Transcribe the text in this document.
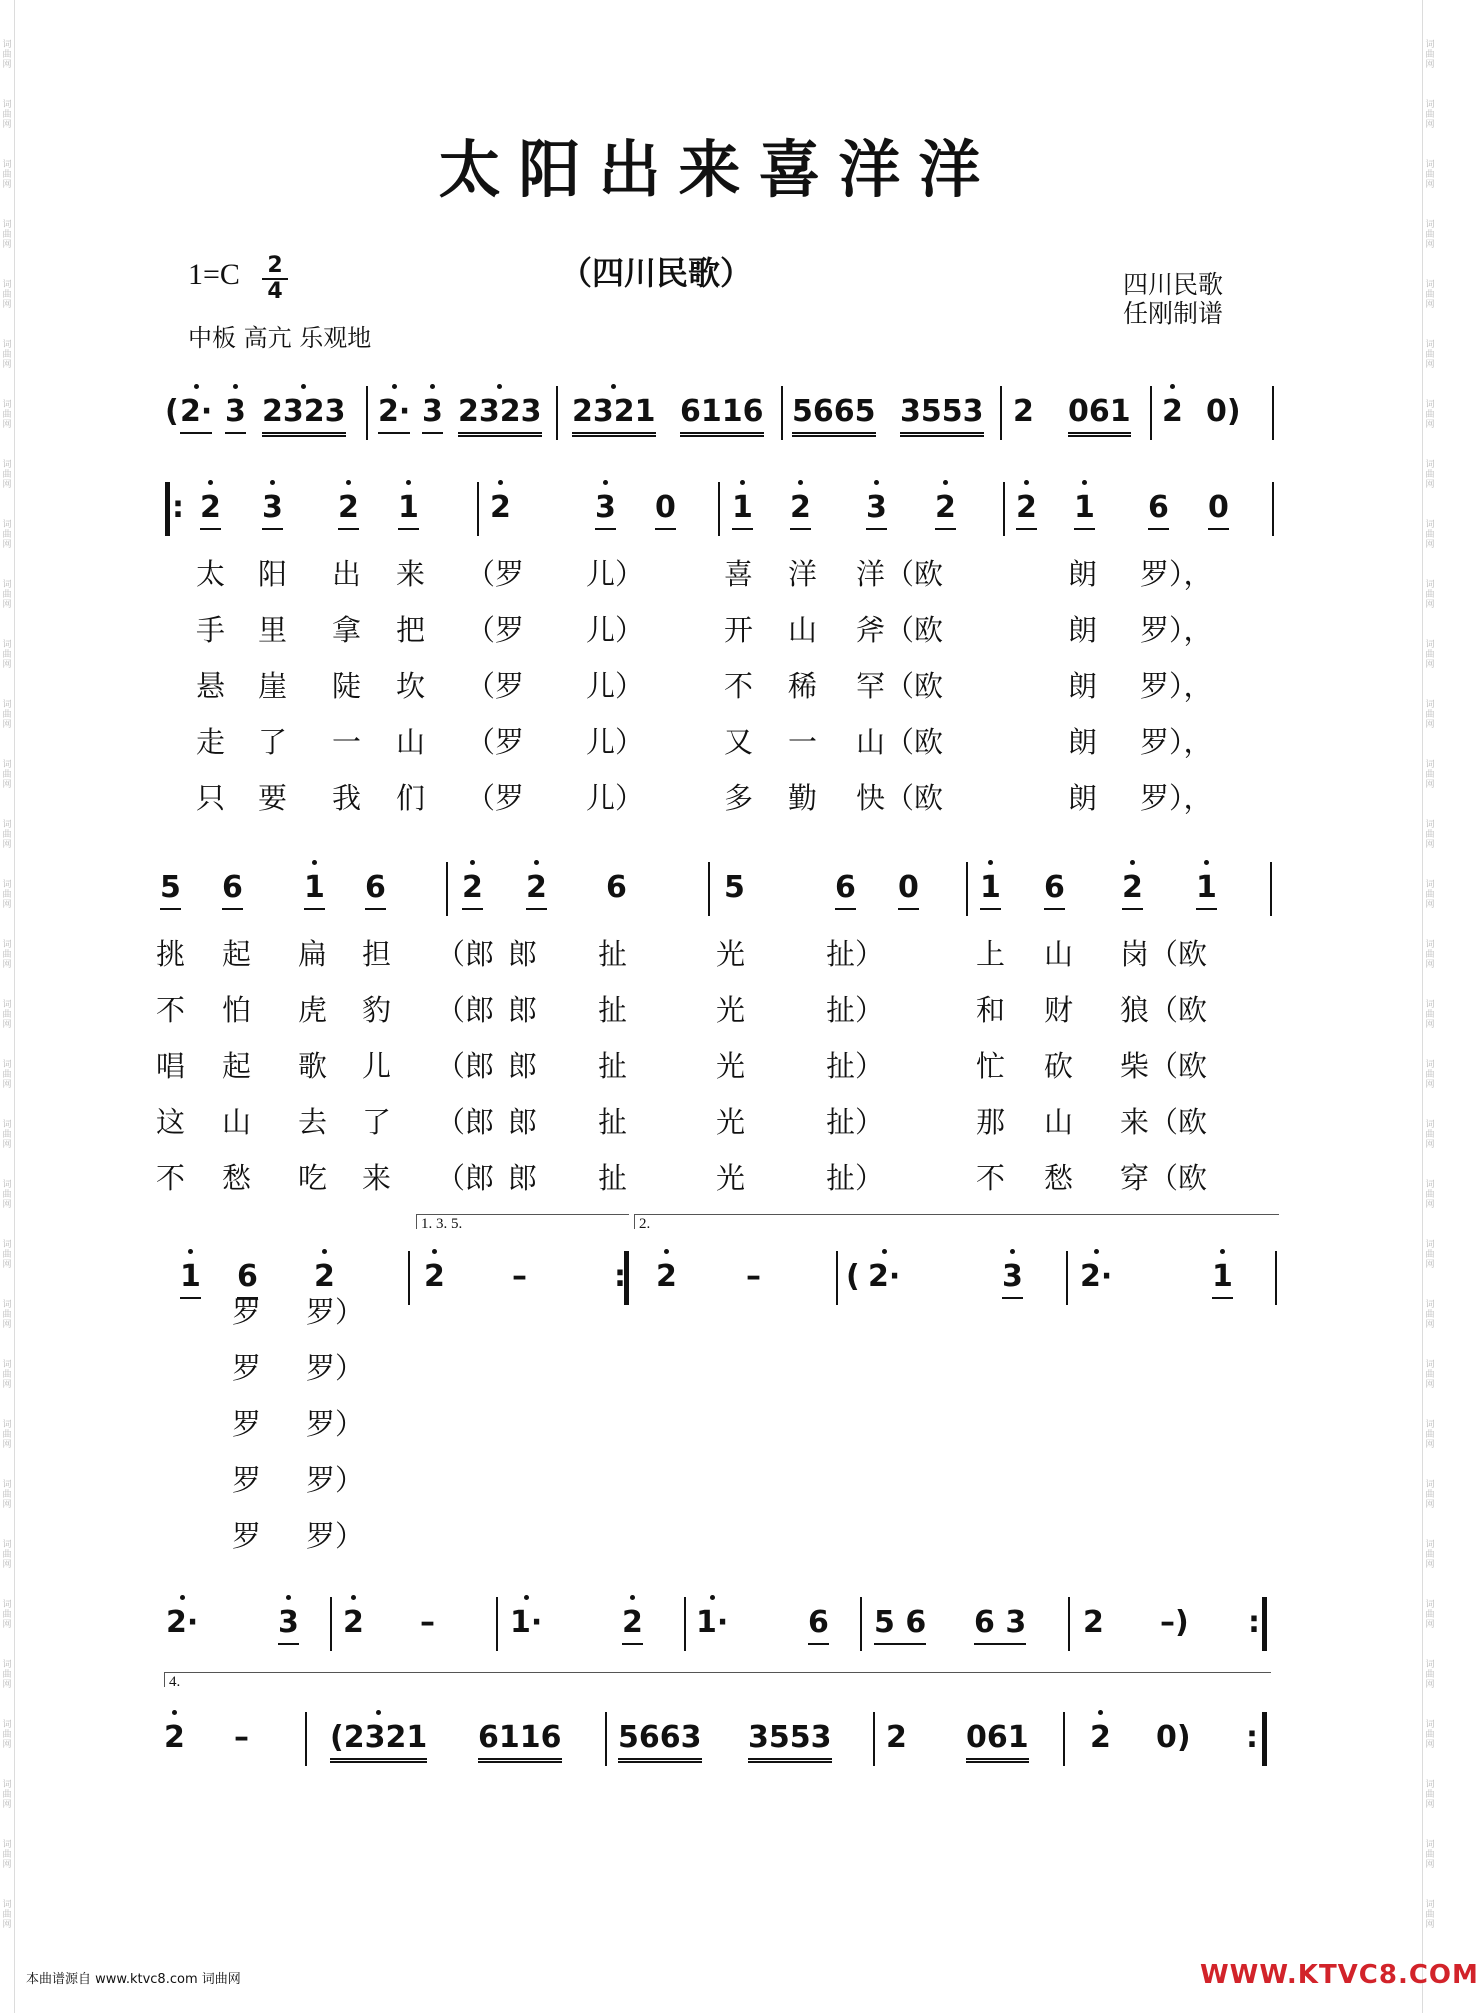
词曲网
词曲网
词曲网
词曲网
词曲网
词曲网
词曲网
词曲网
词曲网
词曲网
词曲网
词曲网
词曲网
词曲网
词曲网
词曲网
词曲网
词曲网
词曲网
词曲网
词曲网
词曲网
词曲网
词曲网
词曲网
词曲网
词曲网
词曲网
词曲网
词曲网
词曲网
词曲网
词曲网
词曲网
词曲网
词曲网
词曲网
词曲网
词曲网
词曲网
词曲网
词曲网
词曲网
词曲网
词曲网
词曲网
词曲网
词曲网
词曲网
词曲网
词曲网
词曲网
词曲网
词曲网
词曲网
词曲网
词曲网
词曲网
词曲网
词曲网
词曲网
词曲网
词曲网
词曲网
太阳出来喜洋洋
（四川民歌）
1=C 2
4
中板 高亢 乐观地
四川民歌
任刚制谱
( 2· 3 2323 2· 3 2323 2321 6116 5665 3553 2 061 2 0)
: 2 3 2 1 2	3 0 1 2 3 2 2 1 6 0
5 6 1 6	2 2 6	5	6 0 1 6 2 1
1 6 2	2 –	: 2 –	( 2·	3 2·	1
2·	3 2 –	1·	2 1·	6 5 6 6 3 2 –) :
2 –	(2321 6116 5663 3553 2 061 2 0) :
1. 3. 5.	2.
4.
太 阳 出 来 （罗 儿）	喜 洋 洋（欧	朗 罗），
手 里 拿 把 （罗 儿）	开 山 斧（欧	朗 罗），
悬 崖 陡 坎 （罗 儿）	不 稀 罕（欧	朗 罗），
走 了 一 山 （罗 儿）	又 一 山（欧	朗 罗），
只 要 我 们 （罗 儿）	多 勤 快（欧	朗 罗），
挑 起 扁 担 （郎 郎 扯	光	扯）	上 山 岗（欧
不 怕 虎 豹 （郎 郎 扯	光	扯）	和 财 狼（欧
唱 起 歌 儿 （郎 郎 扯	光	扯）	忙 砍 柴（欧
这 山 去 了 （郎 郎 扯	光	扯）	那 山 来（欧
不 愁 吃 来 （郎 郎 扯	光	扯）	不 愁 穿（欧
罗 罗）
罗 罗）
罗 罗）
罗 罗）
罗 罗）
本曲谱源自 www.ktvc8.com 词曲网	WWW.KTVC8.COM
